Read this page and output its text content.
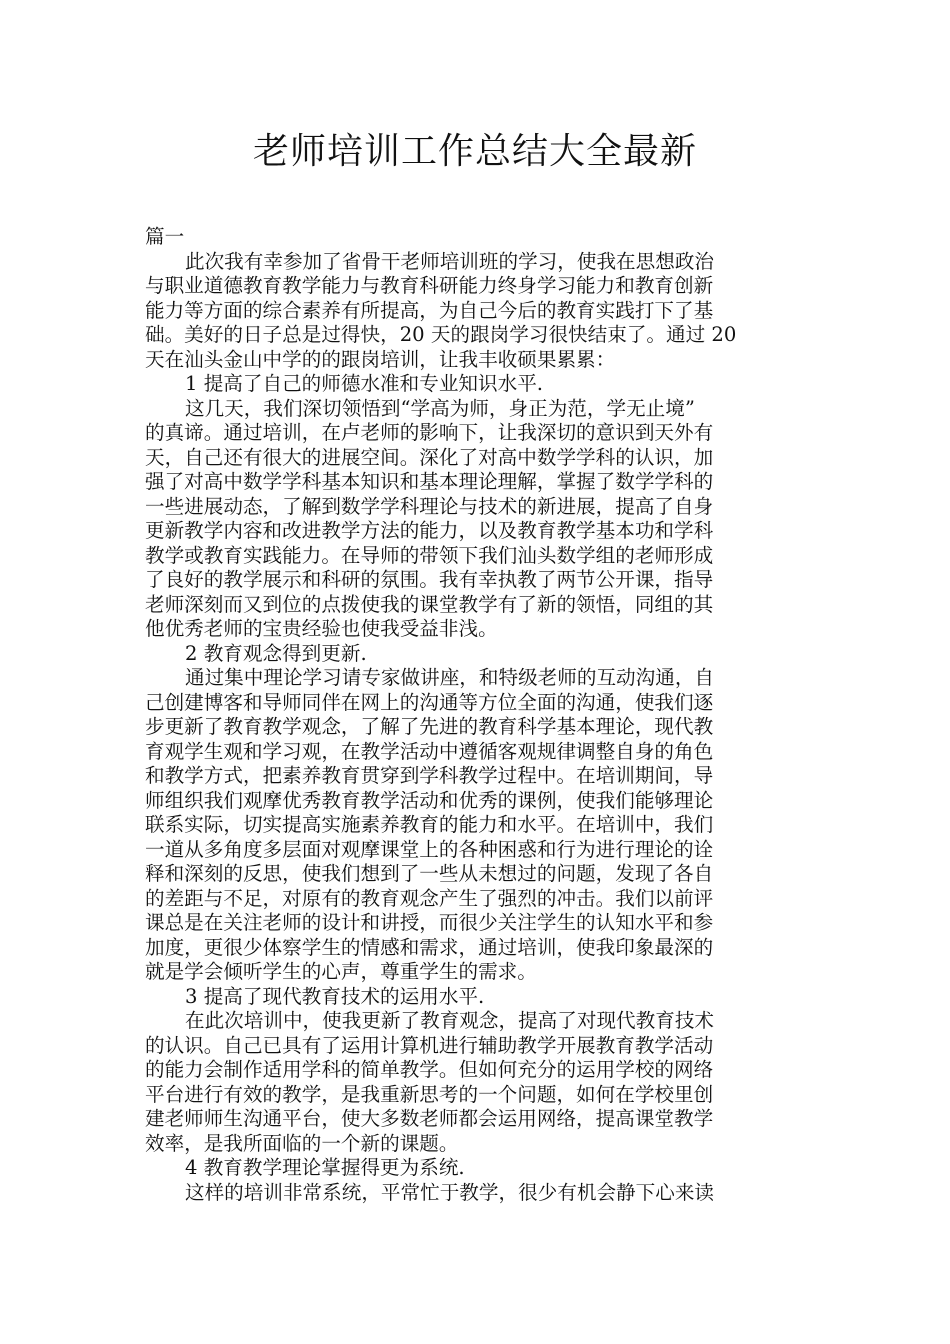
老师培训工作总结大全最新
篇一
此次我有幸参加了省骨干老师培训班的学习，使我在思想政治
与职业道德教育教学能力与教育科研能力终身学习能力和教育创新
能力等方面的综合素养有所提高，为自己今后的教育实践打下了基
础。美好的日子总是过得快，20 天的跟岗学习很快结束了。通过 20
天在汕头金山中学的的跟岗培训，让我丰收硕果累累：
1 提高了自己的师德水准和专业知识水平.
这几天，我们深切领悟到“学高为师，身正为范，学无止境”
的真谛。通过培训，在卢老师的影响下，让我深切的意识到天外有
天，自己还有很大的进展空间。深化了对高中数学学科的认识，加
强了对高中数学学科基本知识和基本理论理解，掌握了数学学科的
一些进展动态，了解到数学学科理论与技术的新进展，提高了自身
更新教学内容和改进教学方法的能力，以及教育教学基本功和学科
教学或教育实践能力。在导师的带领下我们汕头数学组的老师形成
了良好的教学展示和科研的氛围。我有幸执教了两节公开课，指导
老师深刻而又到位的点拨使我的课堂教学有了新的领悟，同组的其
他优秀老师的宝贵经验也使我受益非浅。
2 教育观念得到更新.
通过集中理论学习请专家做讲座，和特级老师的互动沟通，自
己创建博客和导师同伴在网上的沟通等方位全面的沟通，使我们逐
步更新了教育教学观念，了解了先进的教育科学基本理论，现代教
育观学生观和学习观，在教学活动中遵循客观规律调整自身的角色
和教学方式，把素养教育贯穿到学科教学过程中。在培训期间，导
师组织我们观摩优秀教育教学活动和优秀的课例，使我们能够理论
联系实际，切实提高实施素养教育的能力和水平。在培训中，我们
一道从多角度多层面对观摩课堂上的各种困惑和行为进行理论的诠
释和深刻的反思，使我们想到了一些从未想过的问题，发现了各自
的差距与不足，对原有的教育观念产生了强烈的冲击。我们以前评
课总是在关注老师的设计和讲授，而很少关注学生的认知水平和参
加度，更很少体察学生的情感和需求，通过培训，使我印象最深的
就是学会倾听学生的心声，尊重学生的需求。
3 提高了现代教育技术的运用水平.
在此次培训中，使我更新了教育观念，提高了对现代教育技术
的认识。自己已具有了运用计算机进行辅助教学开展教育教学活动
的能力会制作适用学科的简单教学。但如何充分的运用学校的网络
平台进行有效的教学，是我重新思考的一个问题，如何在学校里创
建老师师生沟通平台，使大多数老师都会运用网络，提高课堂教学
效率，是我所面临的一个新的课题。
4 教育教学理论掌握得更为系统.
这样的培训非常系统，平常忙于教学，很少有机会静下心来读
